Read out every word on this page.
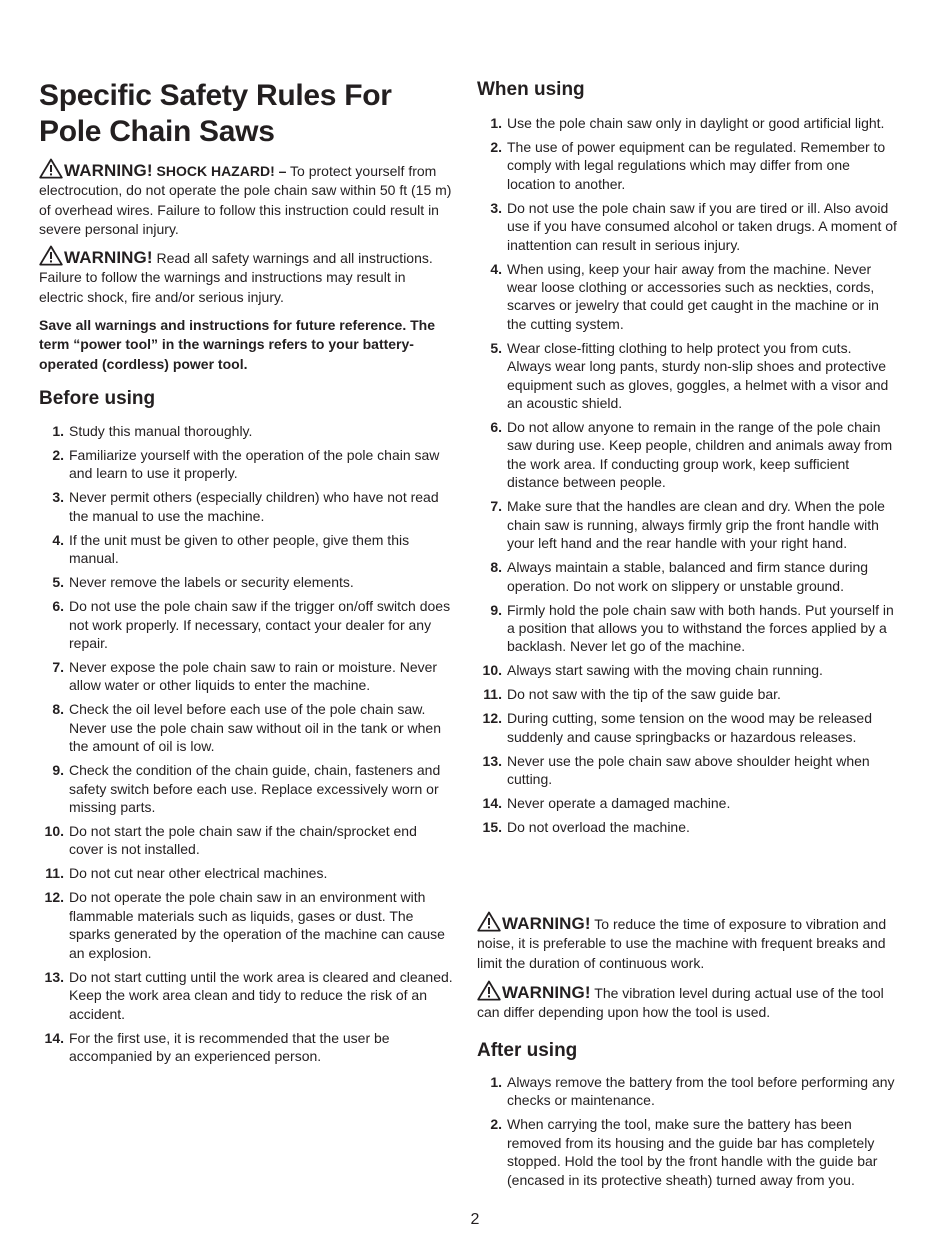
Specific Safety Rules For Pole Chain Saws

WARNING! SHOCK HAZARD! – To protect yourself from electrocution, do not operate the pole chain saw within 50 ft (15 m) of overhead wires. Failure to follow this instruction could result in severe personal injury.

WARNING! Read all safety warnings and all instructions. Failure to follow the warnings and instructions may result in electric shock, fire and/or serious injury.

Save all warnings and instructions for future reference. The term “power tool” in the warnings refers to your battery-operated (cordless) power tool.

Before using
1. Study this manual thoroughly.
2. Familiarize yourself with the operation of the pole chain saw and learn to use it properly.
3. Never permit others (especially children) who have not read the manual to use the machine.
4. If the unit must be given to other people, give them this manual.
5. Never remove the labels or security elements.
6. Do not use the pole chain saw if the trigger on/off switch does not work properly. If necessary, contact your dealer for any repair.
7. Never expose the pole chain saw to rain or moisture. Never allow water or other liquids to enter the machine.
8. Check the oil level before each use of the pole chain saw. Never use the pole chain saw without oil in the tank or when the amount of oil is low.
9. Check the condition of the chain guide, chain, fasteners and safety switch before each use. Replace excessively worn or missing parts.
10. Do not start the pole chain saw if the chain/sprocket end cover is not installed.
11. Do not cut near other electrical machines.
12. Do not operate the pole chain saw in an environment with flammable materials such as liquids, gases or dust. The sparks generated by the operation of the machine can cause an explosion.
13. Do not start cutting until the work area is cleared and cleaned. Keep the work area clean and tidy to reduce the risk of an accident.
14. For the first use, it is recommended that the user be accompanied by an experienced person.
When using
1. Use the pole chain saw only in daylight or good artificial light.
2. The use of power equipment can be regulated. Remember to comply with legal regulations which may differ from one location to another.
3. Do not use the pole chain saw if you are tired or ill. Also avoid use if you have consumed alcohol or taken drugs. A moment of inattention can result in serious injury.
4. When using, keep your hair away from the machine. Never wear loose clothing or accessories such as neckties, cords, scarves or jewelry that could get caught in the machine or in the cutting system.
5. Wear close-fitting clothing to help protect you from cuts. Always wear long pants, sturdy non-slip shoes and protective equipment such as gloves, goggles, a helmet with a visor and an acoustic shield.
6. Do not allow anyone to remain in the range of the pole chain saw during use. Keep people, children and animals away from the work area. If conducting group work, keep sufficient distance between people.
7. Make sure that the handles are clean and dry. When the pole chain saw is running, always firmly grip the front handle with your left hand and the rear handle with your right hand.
8. Always maintain a stable, balanced and firm stance during operation. Do not work on slippery or unstable ground.
9. Firmly hold the pole chain saw with both hands. Put yourself in a position that allows you to withstand the forces applied by a backlash. Never let go of the machine.
10. Always start sawing with the moving chain running.
11. Do not saw with the tip of the saw guide bar.
12. During cutting, some tension on the wood may be released suddenly and cause springbacks or hazardous releases.
13. Never use the pole chain saw above shoulder height when cutting.
14. Never operate a damaged machine.
15. Do not overload the machine.

WARNING! To reduce the time of exposure to vibration and noise, it is preferable to use the machine with frequent breaks and limit the duration of continuous work.

WARNING! The vibration level during actual use of the tool can differ depending upon how the tool is used.

After using
1. Always remove the battery from the tool before performing any checks or maintenance.
2. When carrying the tool, make sure the battery has been removed from its housing and the guide bar has completely stopped. Hold the tool by the front handle with the guide bar (encased in its protective sheath) turned away from you.
2
